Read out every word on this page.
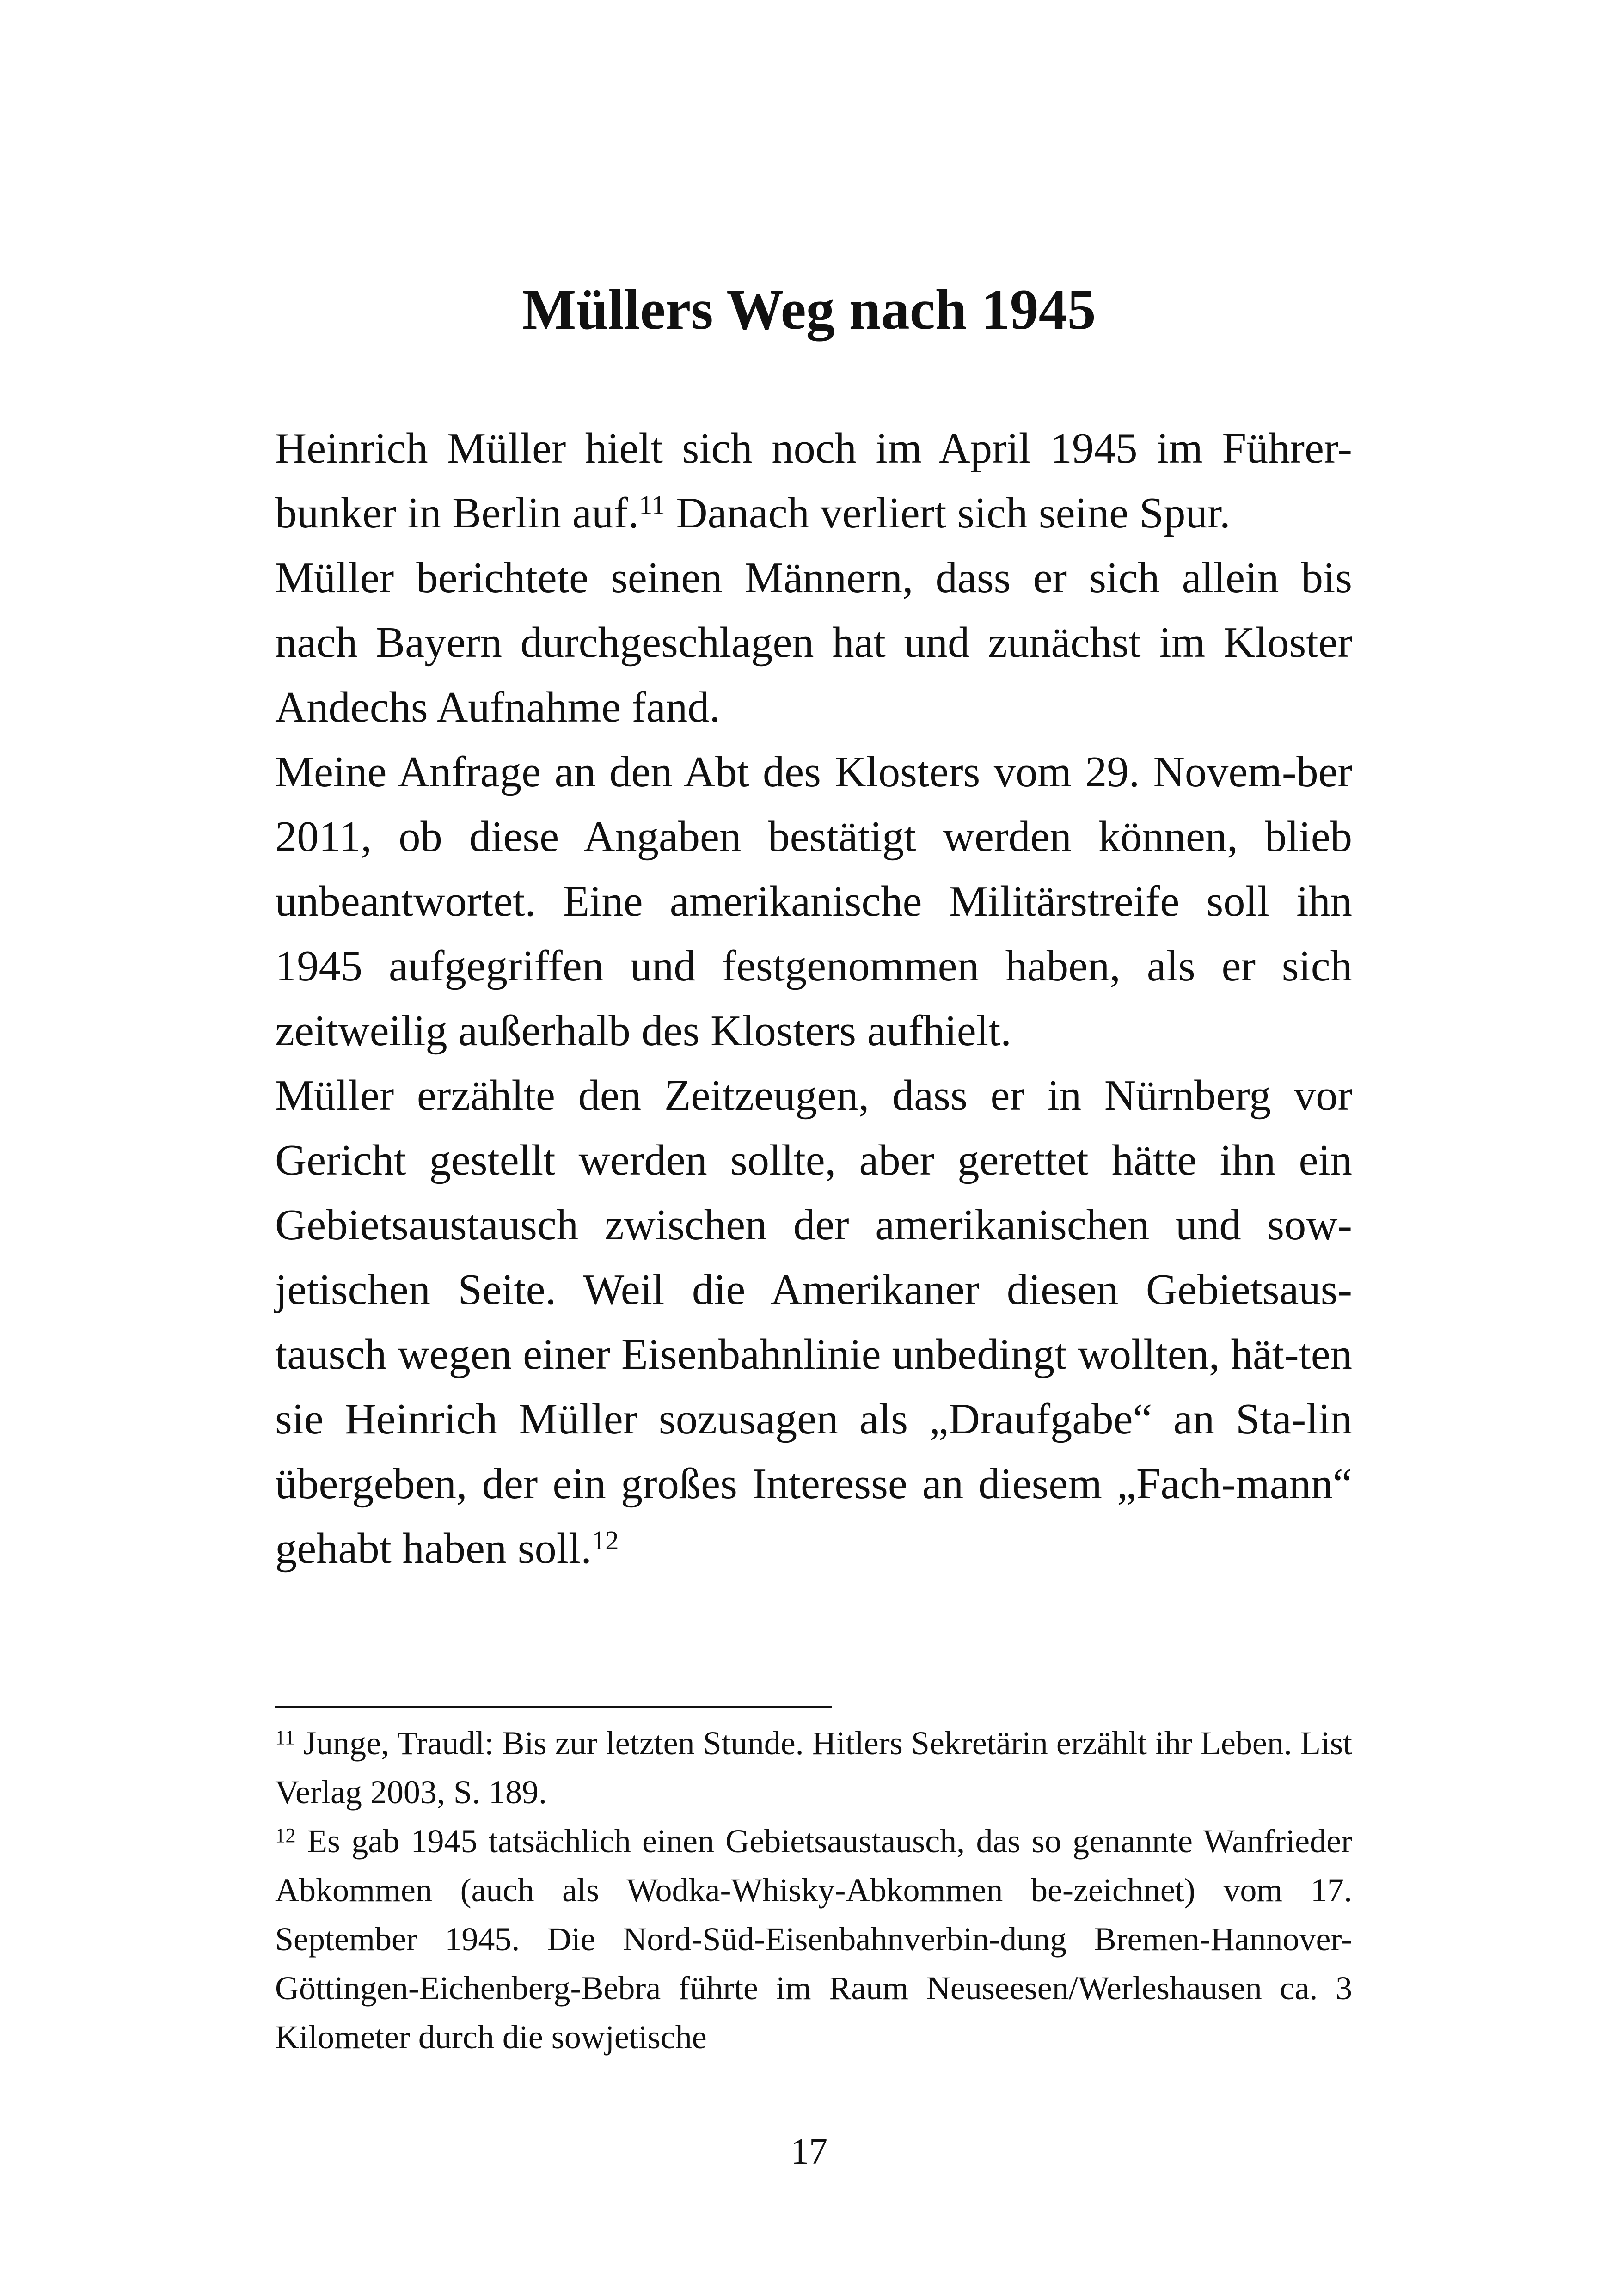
Müllers Weg nach 1945

Heinrich Müller hielt sich noch im April 1945 im Führer-bunker in Berlin auf.$^{11}$ Danach verliert sich seine Spur.

Müller berichtete seinen Männern, dass er sich allein bis nach Bayern durchgeschlagen hat und zunächst im Kloster Andechs Aufnahme fand.

Meine Anfrage an den Abt des Klosters vom 29. Novem-ber 2011, ob diese Angaben bestätigt werden können, blieb unbeantwortet. Eine amerikanische Militärstreife soll ihn 1945 aufgegriffen und festgenommen haben, als er sich zeitweilig außerhalb des Klosters aufhielt.

Müller erzählte den Zeitzeugen, dass er in Nürnberg vor Gericht gestellt werden sollte, aber gerettet hätte ihn ein Gebietsaustausch zwischen der amerikanischen und sow-jetischen Seite. Weil die Amerikaner diesen Gebietsaus-tausch wegen einer Eisenbahnlinie unbedingt wollten, hät-ten sie Heinrich Müller sozusagen als „Draufgabe“ an Sta-lin übergeben, der ein großes Interesse an diesem „Fach-mann“ gehabt haben soll.$^{12}$

$^{11}$ Junge, Traudl: Bis zur letzten Stunde. Hitlers Sekretärin erzählt ihr Leben. List Verlag 2003, S. 189.

$^{12}$ Es gab 1945 tatsächlich einen Gebietsaustausch, das so genannte Wanfrieder Abkommen (auch als Wodka-Whisky-Abkommen be-zeichnet) vom 17. September 1945. Die Nord-Süd-Eisenbahnverbin-dung Bremen-Hannover-Göttingen-Eichenberg-Bebra führte im Raum Neuseesen/Werleshausen ca. 3 Kilometer durch die sowjetische

17
